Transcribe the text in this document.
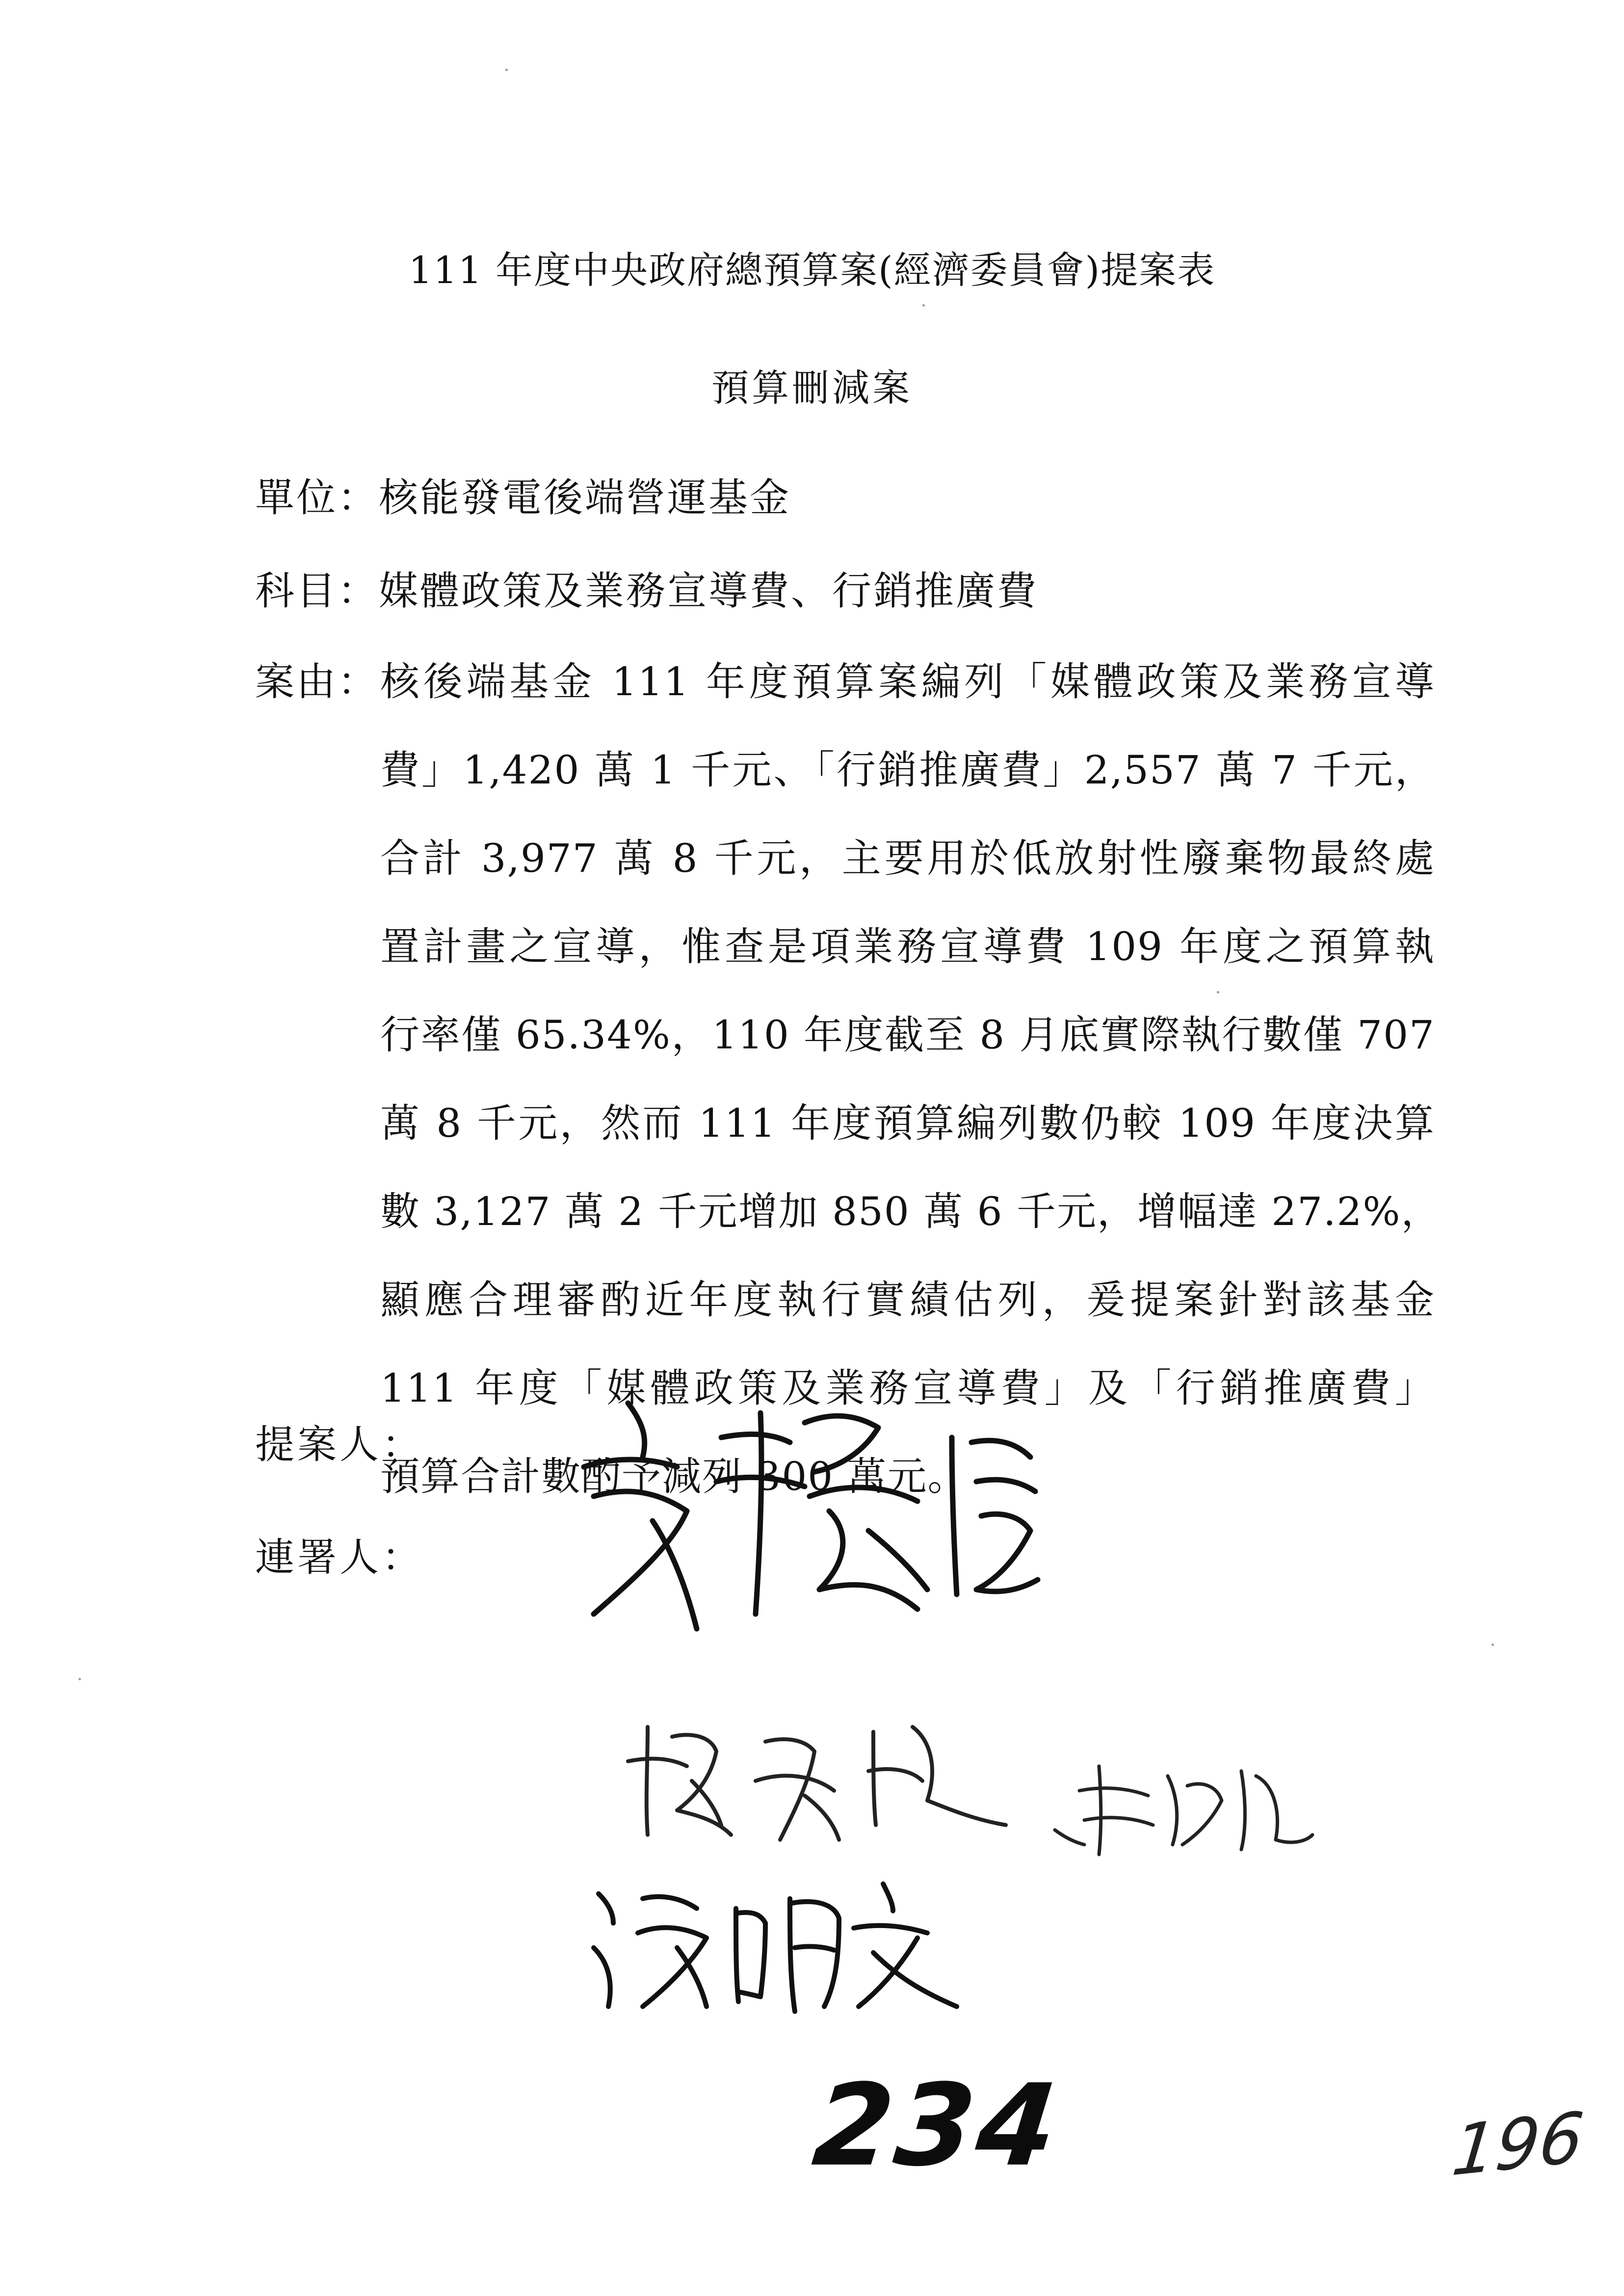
111 年度中央政府總預算案(經濟委員會)提案表
預算刪減案
單位：核能發電後端營運基金
科目：媒體政策及業務宣導費、行銷推廣費
案由： 核後端基金 111 年度預算案編列「媒體政策及業務宣導
費」1,420 萬 1 千元、「行銷推廣費」2,557 萬 7 千元，
合計 3,977 萬 8 千元，主要用於低放射性廢棄物最終處
置計畫之宣導，惟查是項業務宣導費 109 年度之預算執
行率僅 65.34%，110 年度截至 8 月底實際執行數僅 707
萬 8 千元，然而 111 年度預算編列數仍較 109 年度決算
數 3,127 萬 2 千元增加 850 萬 6 千元，增幅達 27.2%，
顯應合理審酌近年度執行實績估列，爰提案針對該基金
111 年度「媒體政策及業務宣導費」及「行銷推廣費」
預算合計數酌予減列 300 萬元。
提案人：
連署人：
234	196
